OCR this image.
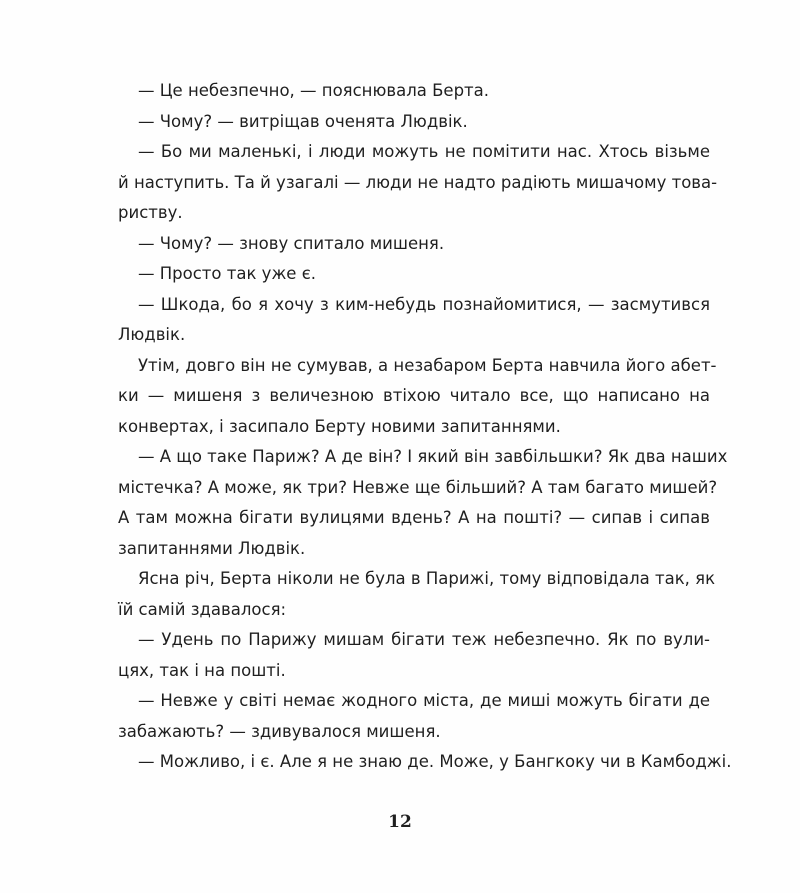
— Це небезпечно, — пояснювала Берта.
— Чому? — витріщав оченята Людвік.
— Бо ми маленькі, і люди можуть не помітити нас. Хтось візьме
й наступить. Та й узагалі — люди не надто радіють мишачому това-
риству.
— Чому? — знову спитало мишеня.
— Просто так уже є.
— Шкода, бо я хочу з ким-небудь познайомитися, — засмутився
Людвік.
Утім, довго він не сумував, а незабаром Берта навчила його абет-
ки — мишеня з величезною втіхою читало все, що написано на
конвертах, і засипало Берту новими запитаннями.
— А що таке Париж? А де він? І який він завбільшки? Як два наших
містечка? А може, як три? Невже ще більший? А там багато мишей?
А там можна бігати вулицями вдень? А на пошті? — сипав і сипав
запитаннями Людвік.
Ясна річ, Берта ніколи не була в Парижі, тому відповідала так, як
їй самій здавалося:
— Удень по Парижу мишам бігати теж небезпечно. Як по вули-
цях, так і на пошті.
— Невже у світі немає жодного міста, де миші можуть бігати де
забажають? — здивувалося мишеня.
— Можливо, і є. Але я не знаю де. Може, у Бангкоку чи в Камбоджі.
12
